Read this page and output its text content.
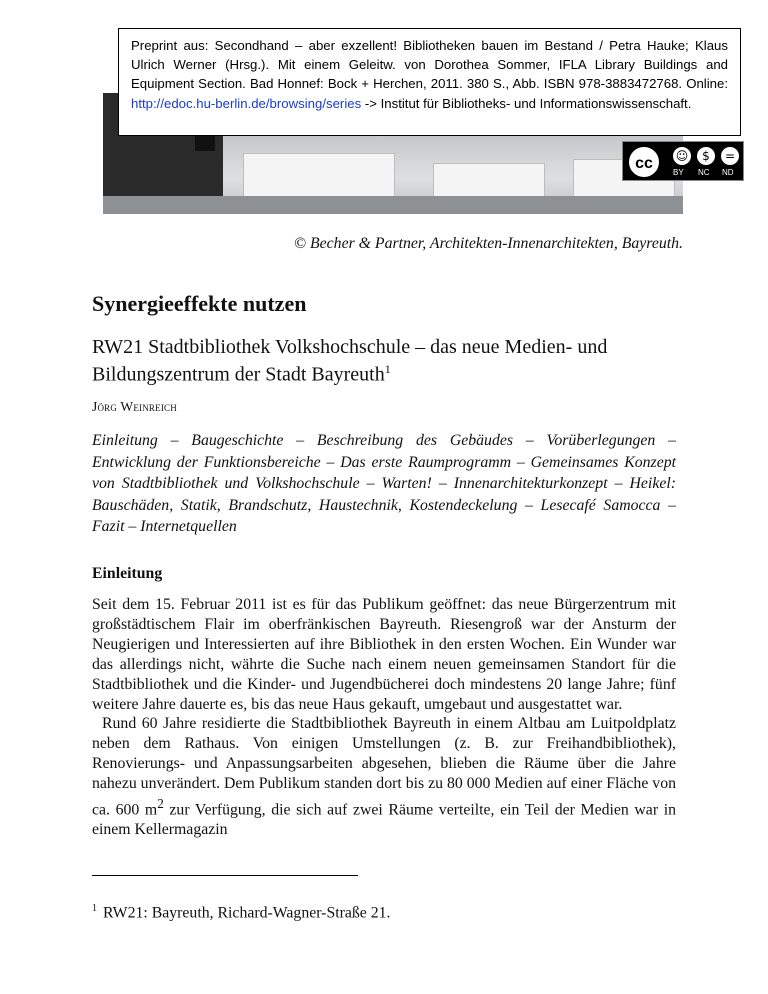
Preprint aus: Secondhand – aber exzellent! Bibliotheken bauen im Bestand / Petra Hauke; Klaus Ulrich Werner (Hrsg.). Mit einem Geleitw. von Dorothea Sommer, IFLA Library Buildings and Equipment Section. Bad Honnef: Bock + Herchen, 2011. 380 S., Abb. ISBN 978-3883472768. Online: http://edoc.hu-berlin.de/browsing/series -> Institut für Bibliotheks- und Informationswissenschaft.
cc	☺	$	=
BY NC ND
© Becher & Partner, Architekten-Innenarchitekten, Bayreuth.
Synergieeffekte nutzen
RW21 Stadtbibliothek Volkshochschule – das neue Medien- und Bildungszentrum der Stadt Bayreuth$^1$
Jörg Weinreich
Einleitung – Baugeschichte – Beschreibung des Gebäudes – Vorüberlegungen – Entwicklung der Funktionsbereiche – Das erste Raumprogramm – Gemeinsames Konzept von Stadtbibliothek und Volkshochschule – Warten! – Innenarchitekturkonzept – Heikel: Bauschäden, Statik, Brandschutz, Haustechnik, Kostendeckelung – Lesecafé Samocca – Fazit – Internetquellen
Einleitung

Seit dem 15. Februar 2011 ist es für das Publikum geöffnet: das neue Bürgerzentrum mit großstädtischem Flair im oberfränkischen Bayreuth. Riesengroß war der Ansturm der Neugierigen und Interessierten auf ihre Bibliothek in den ersten Wochen. Ein Wunder war das allerdings nicht, währte die Suche nach einem neuen gemeinsamen Standort für die Stadtbibliothek und die Kinder- und Jugendbücherei doch mindestens 20 lange Jahre; fünf weitere Jahre dauerte es, bis das neue Haus gekauft, umgebaut und ausgestattet war.

Rund 60 Jahre residierte die Stadtbibliothek Bayreuth in einem Altbau am Luitpoldplatz neben dem Rathaus. Von einigen Umstellungen (z. B. zur Freihandbibliothek), Renovierungs- und Anpassungsarbeiten abgesehen, blieben die Räume über die Jahre nahezu unverändert. Dem Publikum standen dort bis zu 80 000 Medien auf einer Fläche von ca. 600 $m^2$ zur Verfügung, die sich auf zwei Räume verteilte, ein Teil der Medien war in einem Kellermagazin

$^1$ RW21: Bayreuth, Richard-Wagner-Straße 21.
